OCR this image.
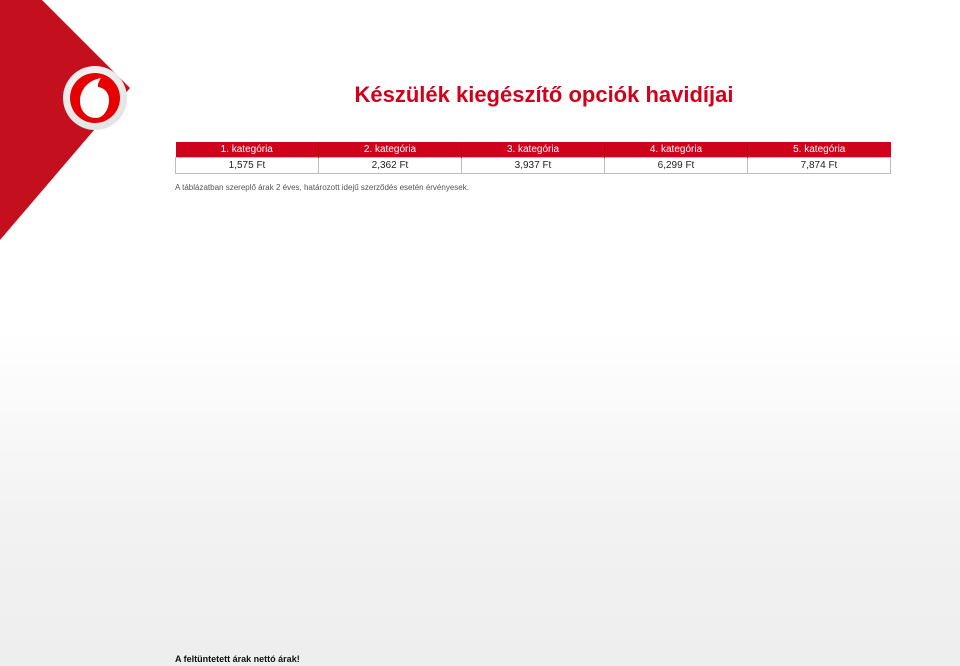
Készülék kiegészítő opciók havidíjai
1. kategória	2. kategória	3. kategória	4. kategória	5. kategória
1,575 Ft	2,362 Ft	3,937 Ft	6,299 Ft	7,874 Ft

A táblázatban szereplő árak 2 éves, határozott idejű szerződés esetén érvényesek.

A feltüntetett árak nettó árak!
